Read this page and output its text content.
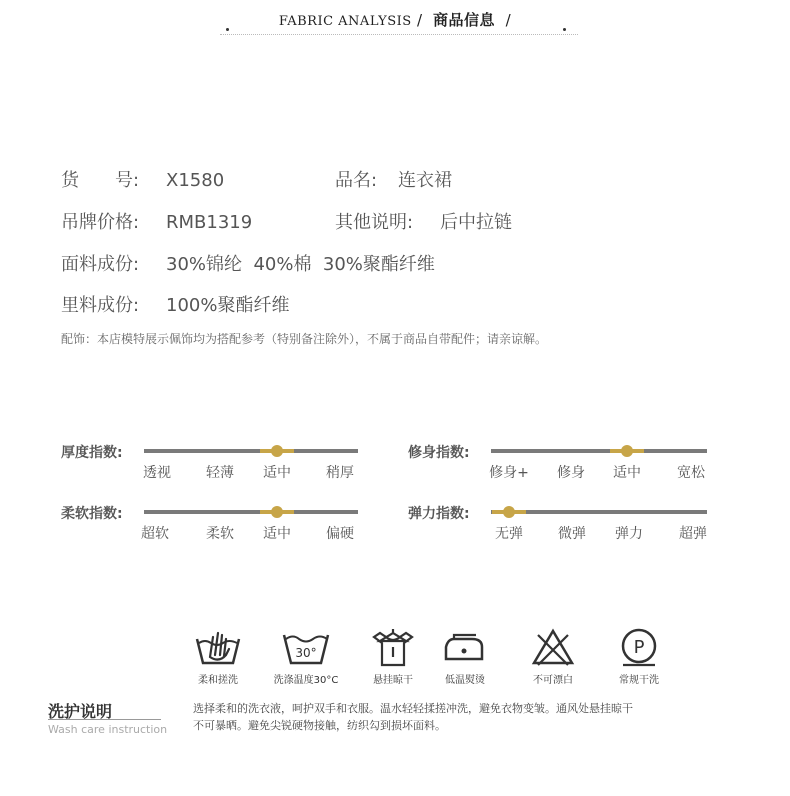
FABRIC ANALYSIS / 商品信息 /
货　　号: X1580	品名: 连衣裙
吊牌价格: RMB1319	其他说明: 后中拉链
面料成份: 30%锦纶  40%棉  30%聚酯纤维
里料成份: 100%聚酯纤维
配饰：本店模特展示佩饰均为搭配参考（特别备注除外），不属于商品自带配件；请亲谅解。
厚度指数:	修身指数:
柔软指数:	弹力指数:
透视	轻薄 适中	稍厚	修身+ 修身 适中	宽松
超软	柔软 适中	偏硬	无弹	微弹 弹力	超弹
30°	P
柔和搓洗	洗涤温度30°C	悬挂晾干	低温熨烫	不可漂白	常规干洗
洗护说明
Wash care instruction
选择柔和的洗衣液，呵护双手和衣服。温水轻轻揉搓冲洗，避免衣物变皱。通风处悬挂晾干
不可暴晒。避免尖锐硬物接触，纺织勾到损坏面料。
